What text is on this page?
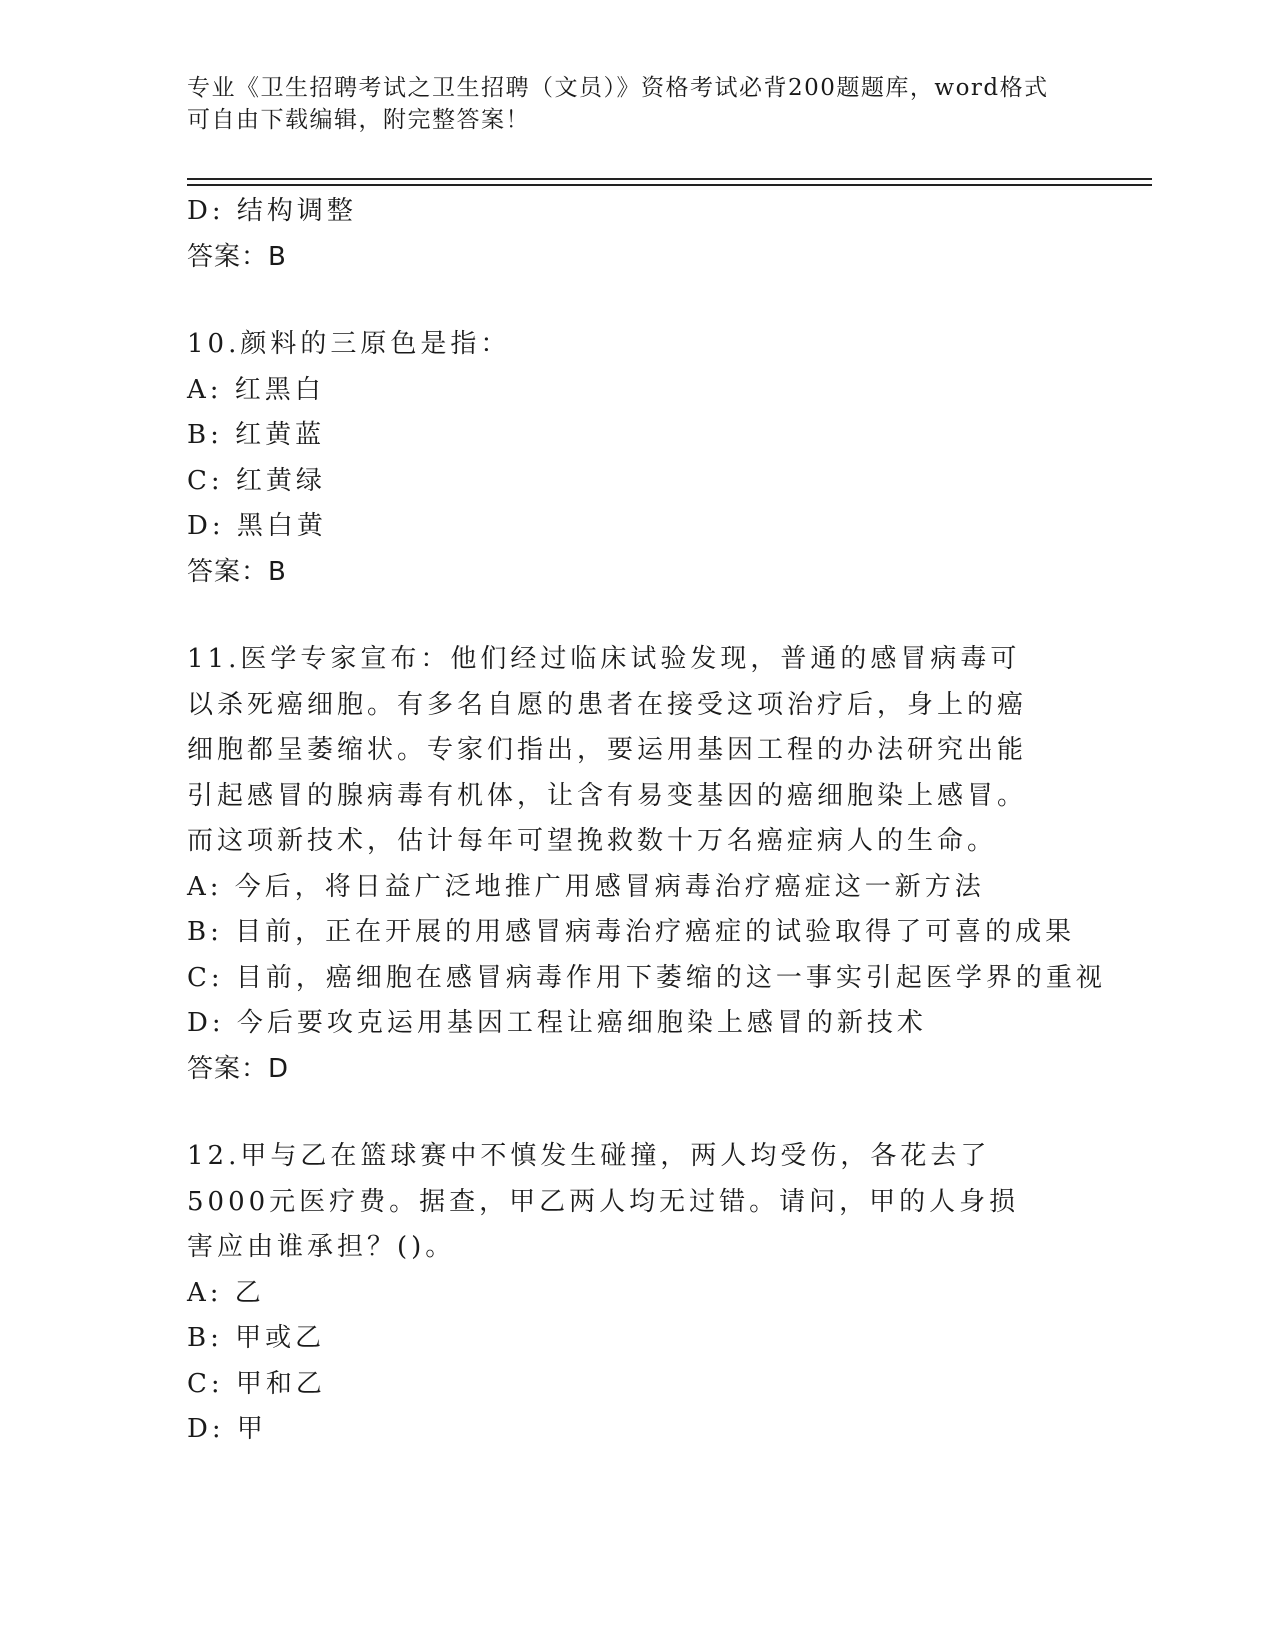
专业《卫生招聘考试之卫生招聘（文员）》资格考试必背200题题库，word格式可自由下载编辑，附完整答案！
D: 结构调整
答案：B
10.颜料的三原色是指：
A: 红黑白
B: 红黄蓝
C: 红黄绿
D: 黑白黄
答案：B
11.医学专家宣布：他们经过临床试验发现，普通的感冒病毒可以杀死癌细胞。有多名自愿的患者在接受这项治疗后，身上的癌细胞都呈萎缩状。专家们指出，要运用基因工程的办法研究出能引起感冒的腺病毒有机体，让含有易变基因的癌细胞染上感冒。而这项新技术，估计每年可望挽救数十万名癌症病人的生命。
A: 今后，将日益广泛地推广用感冒病毒治疗癌症这一新方法
B: 目前，正在开展的用感冒病毒治疗癌症的试验取得了可喜的成果
C: 目前，癌细胞在感冒病毒作用下萎缩的这一事实引起医学界的重视
D: 今后要攻克运用基因工程让癌细胞染上感冒的新技术
答案：D
12.甲与乙在篮球赛中不慎发生碰撞，两人均受伤，各花去了5000元医疗费。据查，甲乙两人均无过错。请问，甲的人身损害应由谁承担？()。
A: 乙
B: 甲或乙
C: 甲和乙
D: 甲
